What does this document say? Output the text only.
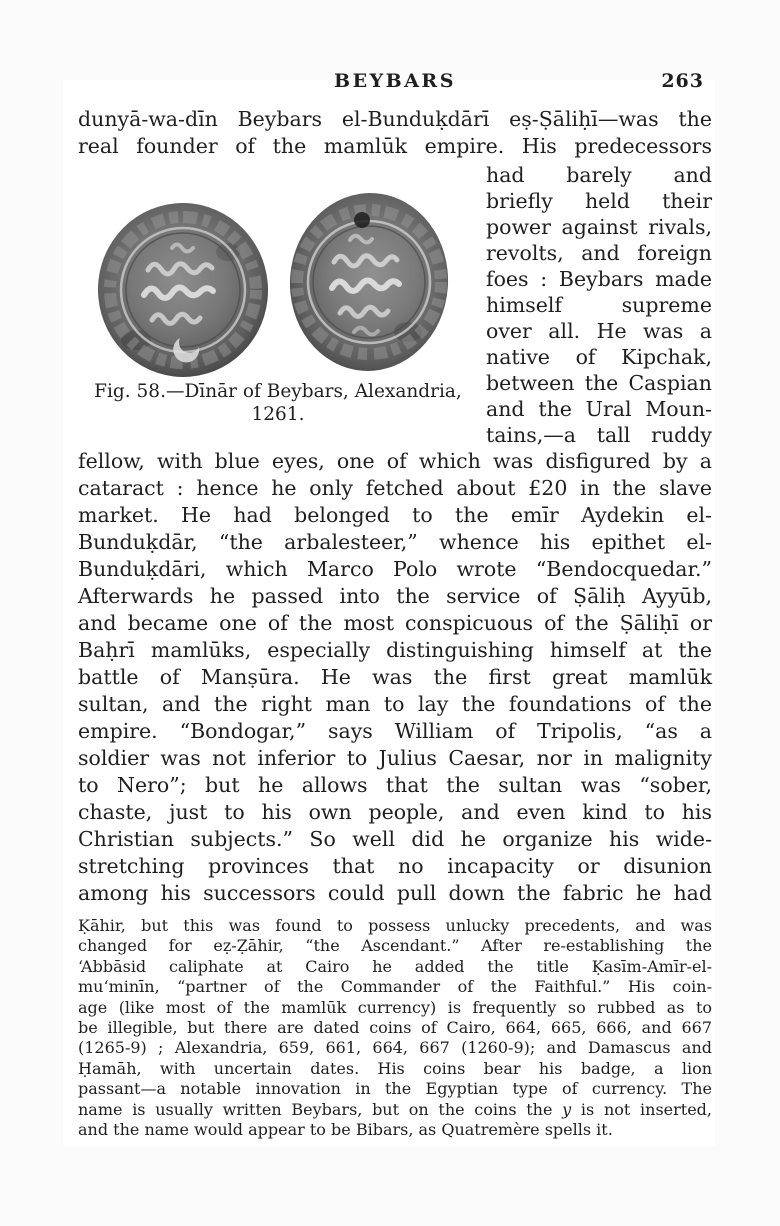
BEYBARS	263
dunyā-wa-dīn Beybars el-Bunduḳdārī eṣ-Ṣāliḥī—was the
real founder of the mamlūk empire. His predecessors
Fig. 58.—Dīnār of Beybars, Alexandria,
1261.
had barely and
briefly held their
power against rivals,
revolts, and foreign
foes : Beybars made
himself supreme
over all. He was a
native of Kipchak,
between the Caspian
and the Ural Moun-
tains,—a tall ruddy
fellow, with blue eyes, one of which was disfigured by a
cataract : hence he only fetched about £20 in the slave
market. He had belonged to the emīr Aydekin el-
Bunduḳdār, “the arbalesteer,” whence his epithet el-
Bunduḳdāri, which Marco Polo wrote “Bendocquedar.”
Afterwards he passed into the service of Ṣāliḥ Ayyūb,
and became one of the most conspicuous of the Ṣāliḥī or
Baḥrī mamlūks, especially distinguishing himself at the
battle of Manṣūra. He was the first great mamlūk
sultan, and the right man to lay the foundations of the
empire. “Bondogar,” says William of Tripolis, “as a
soldier was not inferior to Julius Caesar, nor in malignity
to Nero”; but he allows that the sultan was “sober,
chaste, just to his own people, and even kind to his
Christian subjects.” So well did he organize his wide-
stretching provinces that no incapacity or disunion
among his successors could pull down the fabric he had
Ḳāhir, but this was found to possess unlucky precedents, and was
changed for eẓ-Ẓāhir, “the Ascendant.” After re-establishing the
ʻAbbāsid caliphate at Cairo he added the title Ḳasīm-Amīr-el-
muʻminīn, “partner of the Commander of the Faithful.” His coin-
age (like most of the mamlūk currency) is frequently so rubbed as to
be illegible, but there are dated coins of Cairo, 664, 665, 666, and 667
(1265-9) ; Alexandria, 659, 661, 664, 667 (1260-9); and Damascus and
Ḥamāh, with uncertain dates. His coins bear his badge, a lion
passant—a notable innovation in the Egyptian type of currency. The
name is usually written Beybars, but on the coins the y is not inserted,
and the name would appear to be Bibars, as Quatremère spells it.
